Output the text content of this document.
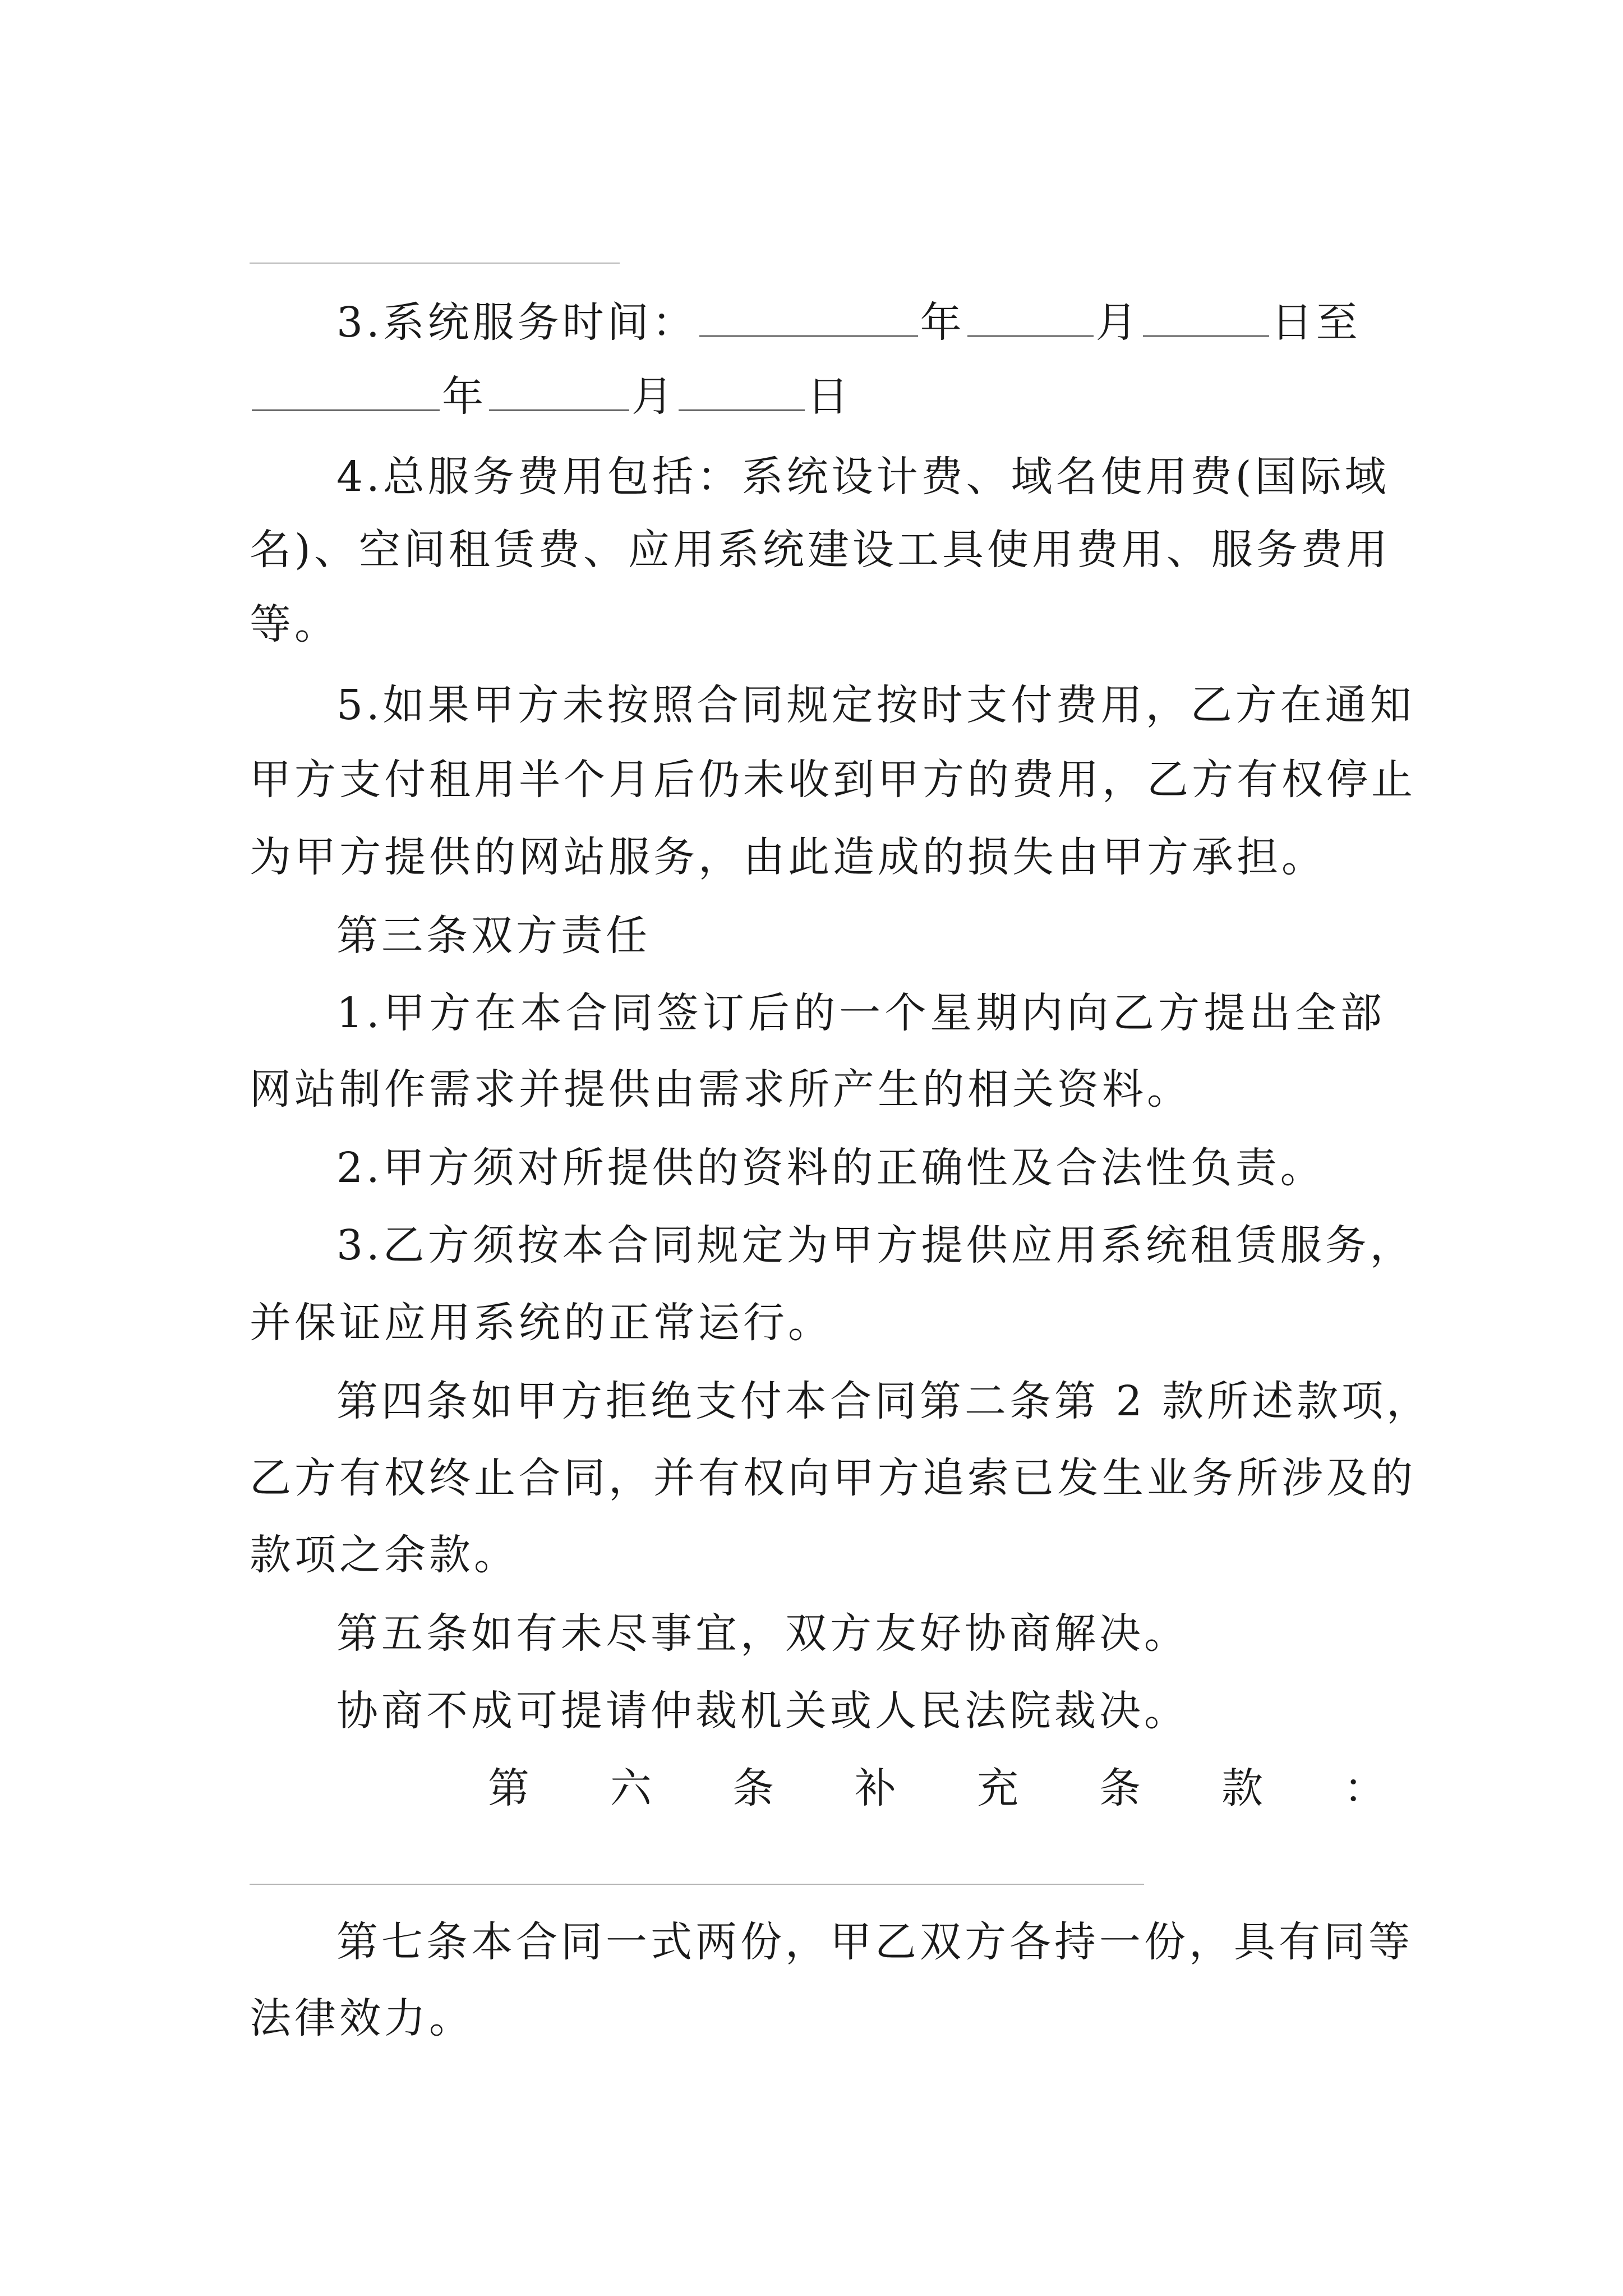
3.系统服务时间：	年	月	日至
年	月	日
4.总服务费用包括：系统设计费、域名使用费(国际域
名)、空间租赁费、应用系统建设工具使用费用、服务费用
等。
5.如果甲方未按照合同规定按时支付费用，乙方在通知
甲方支付租用半个月后仍未收到甲方的费用，乙方有权停止
为甲方提供的网站服务，由此造成的损失由甲方承担。
第三条双方责任
1.甲方在本合同签订后的一个星期内向乙方提出全部
网站制作需求并提供由需求所产生的相关资料。
2.甲方须对所提供的资料的正确性及合法性负责。
3.乙方须按本合同规定为甲方提供应用系统租赁服务，
并保证应用系统的正常运行。
第四条如甲方拒绝支付本合同第二条第 2 款所述款项，
乙方有权终止合同，并有权向甲方追索已发生业务所涉及的
款项之余款。
第五条如有未尽事宜，双方友好协商解决。
协商不成可提请仲裁机关或人民法院裁决。
第 六 条 补 充 条 款 ：
第七条本合同一式两份，甲乙双方各持一份，具有同等
法律效力。
